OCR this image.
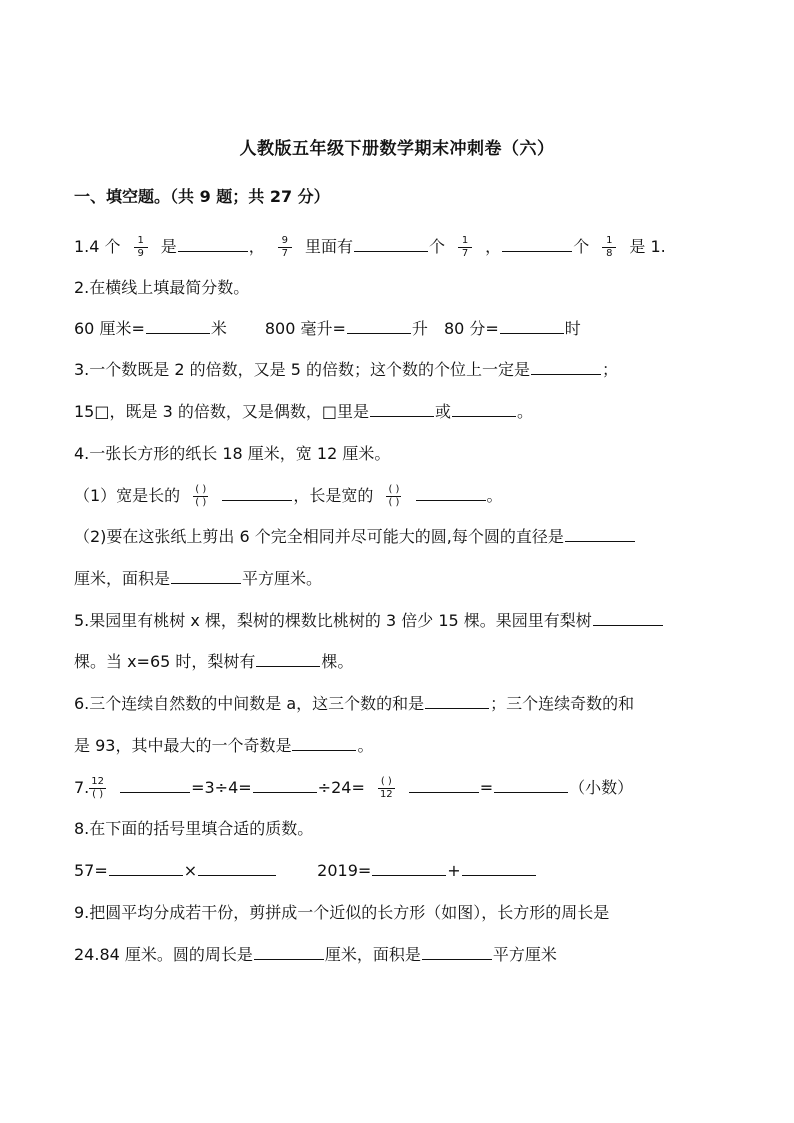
人教版五年级下册数学期末冲刺卷（六）
一、填空题。（共 9 题；共 27 分）
1.4 个 $\frac{1}{9}$ 是	， $\frac{9}{7}$ 里面有	个 $\frac{1}{7}$ ，	个 $\frac{1}{8}$ 是 1.
2.在横线上填最简分数。
60 厘米=	米 800 毫升=	升 80 分=	时
3.一个数既是 2 的倍数，又是 5 的倍数；这个数的个位上一定是	；
15□，既是 3 的倍数，又是偶数，□里是	或	。
4.一张长方形的纸长 18 厘米，宽 12 厘米。
（1）宽是长的 $\frac{( )}{( )}$	，长是宽的 $\frac{( )}{( )}$	。
（2)要在这张纸上剪出 6 个完全相同并尽可能大的圆,每个圆的直径是
厘米，面积是	平方厘米。
5.果园里有桃树 x 棵，梨树的棵数比桃树的 3 倍少 15 棵。果园里有梨树
棵。当 x=65 时，梨树有	棵。
6.三个连续自然数的中间数是 a，这三个数的和是	；三个连续奇数的和
是 93，其中最大的一个奇数是	。
7. $\frac{12}{( )}$	=3÷4=	$\div 24= \frac{( )}{12}$	=	（小数）
8.在下面的括号里填合适的质数。
57=	×	2019=	+
9.把圆平均分成若干份，剪拼成一个近似的长方形（如图），长方形的周长是
24.84 厘米。圆的周长是	厘米，面积是	平方厘米
